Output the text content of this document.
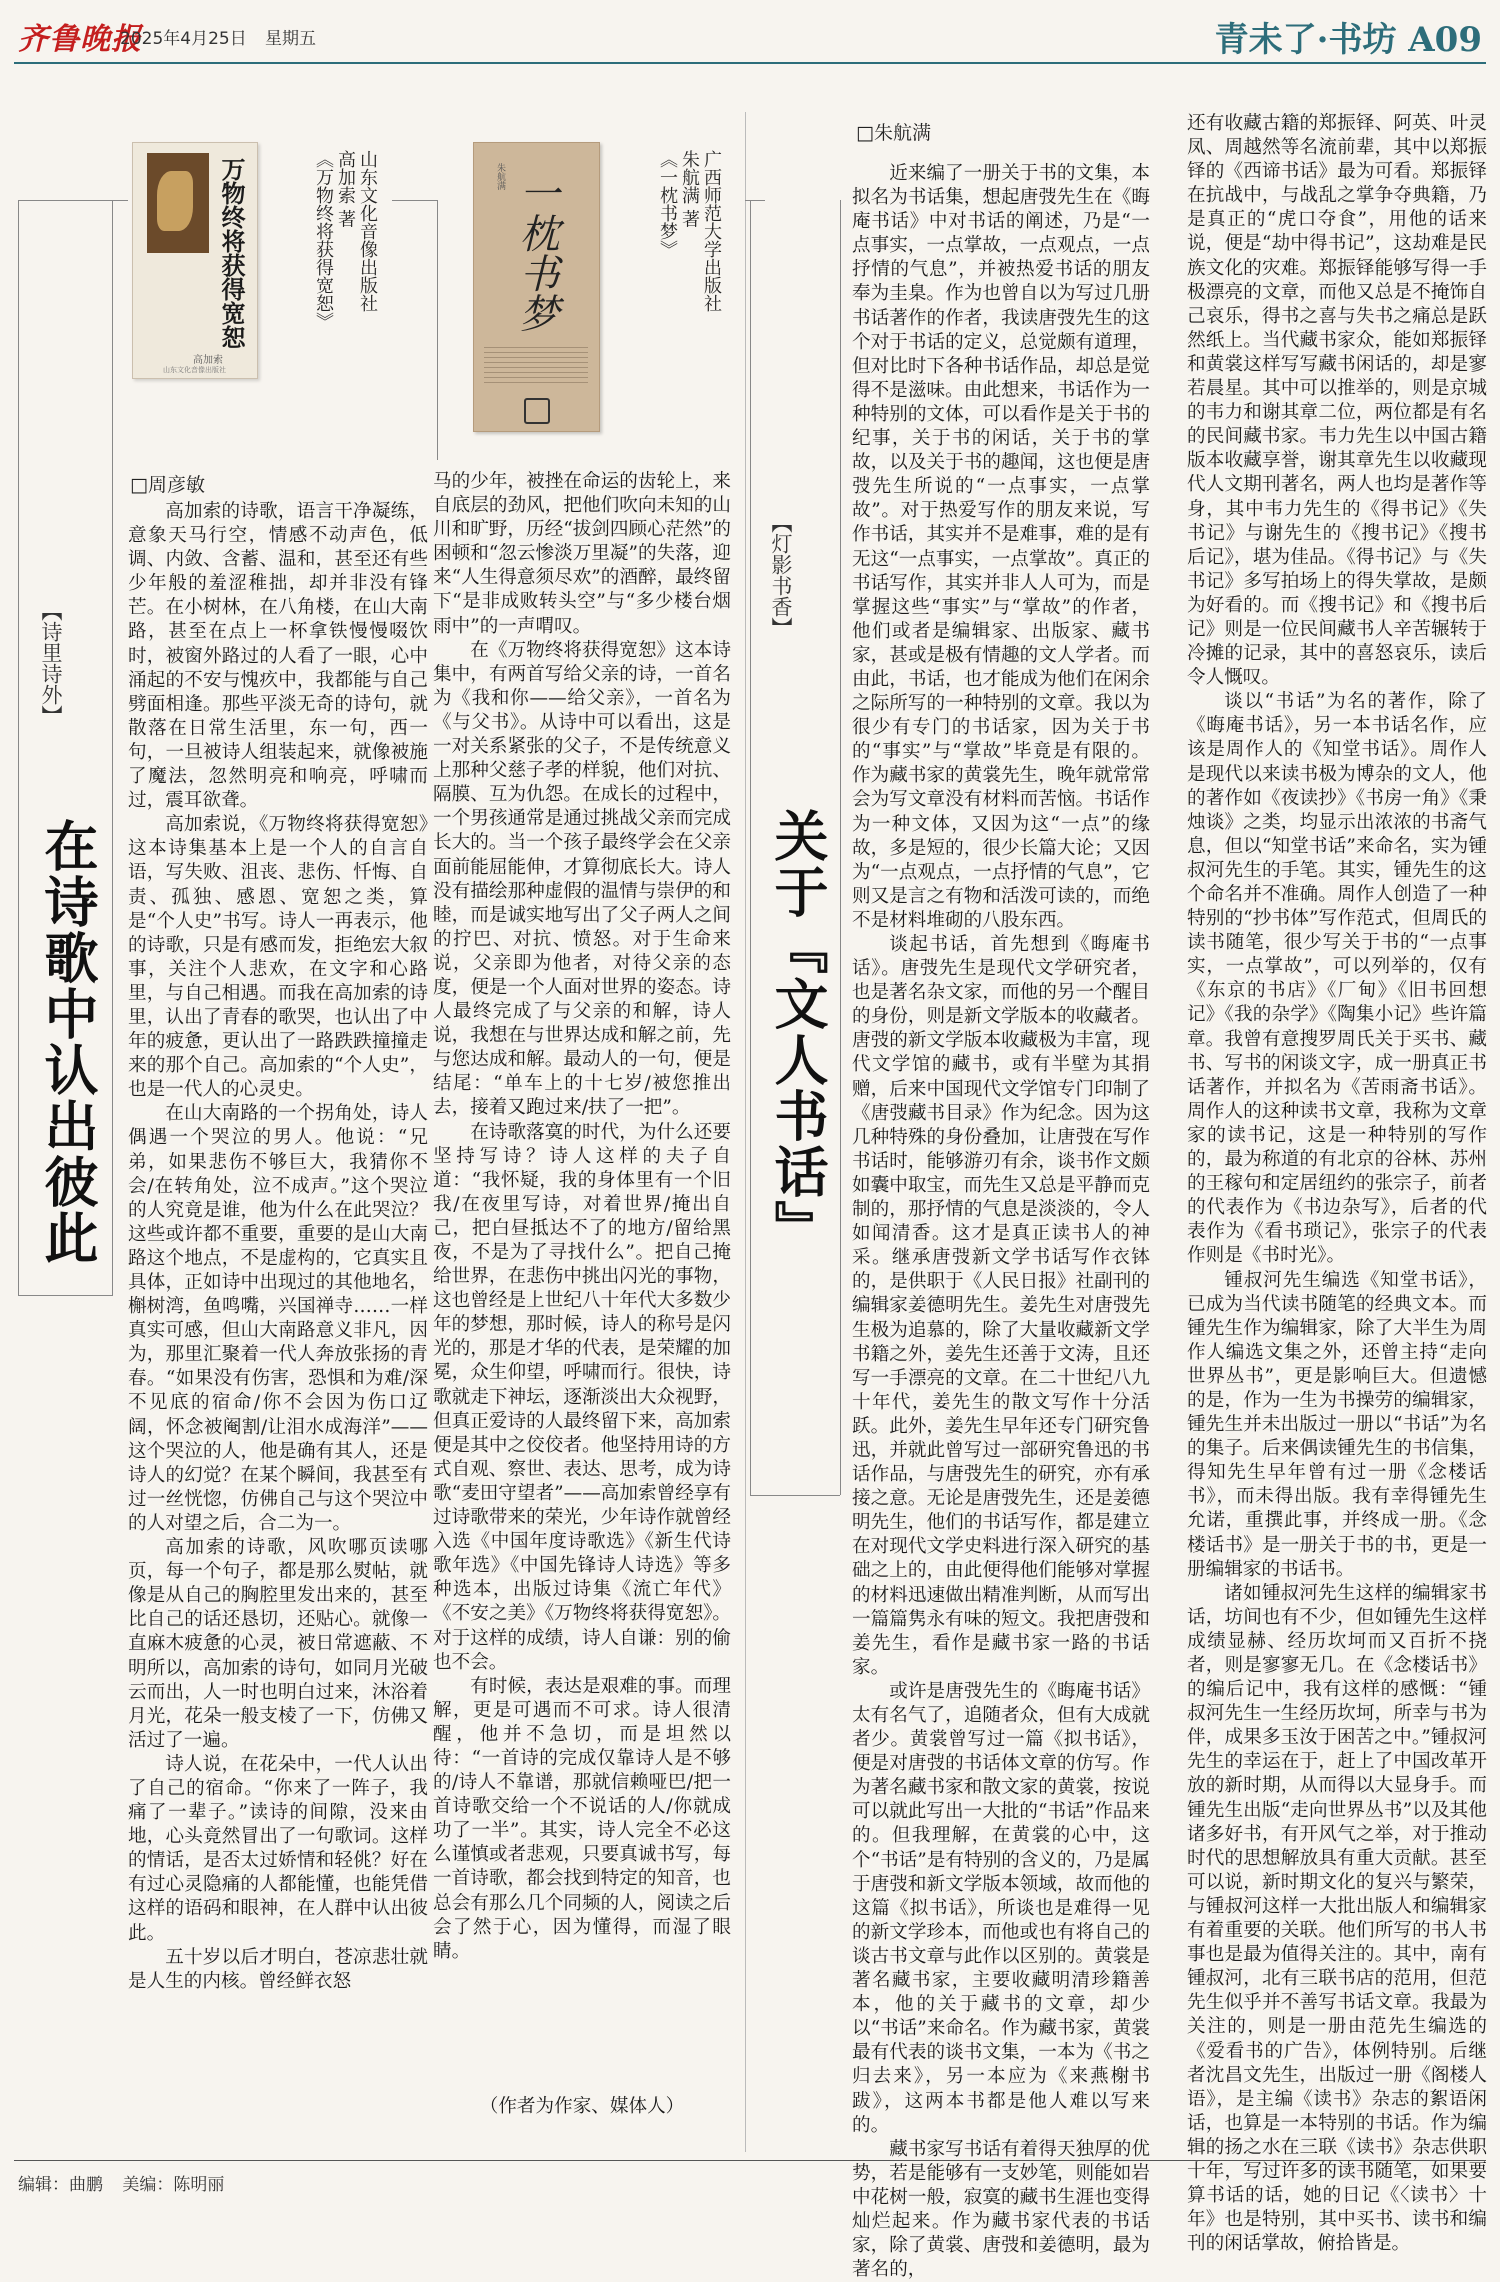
齐鲁晚报
2025年4月25日 星期五	青未了·书坊 A09
万物终将获得宽恕
高加索
山东文化音像出版社
《万物终将获得宽恕》 高加索 著 山东文化音像出版社
【诗里诗外】
在诗歌中认出彼此
□周彦敏

高加索的诗歌，语言干净凝练，意象天马行空，情感不动声色，低调、内敛、含蓄、温和，甚至还有些少年般的羞涩稚拙，却并非没有锋芒。在小树林，在八角楼，在山大南路，甚至在点上一杯拿铁慢慢啜饮时，被窗外路过的人看了一眼，心中涌起的不安与愧疚中，我都能与自己劈面相逢。那些平淡无奇的诗句，就散落在日常生活里，东一句，西一句，一旦被诗人组装起来，就像被施了魔法，忽然明亮和响亮，呼啸而过，震耳欲聋。

高加索说，《万物终将获得宽恕》这本诗集基本上是一个人的自言自语，写失败、沮丧、悲伤、忏悔、自责、孤独、感恩、宽恕之类，算是“个人史”书写。诗人一再表示，他的诗歌，只是有感而发，拒绝宏大叙事，关注个人悲欢，在文字和心路里，与自己相遇。而我在高加索的诗里，认出了青春的歌哭，也认出了中年的疲惫，更认出了一路跌跌撞撞走来的那个自己。高加索的“个人史”，也是一代人的心灵史。

在山大南路的一个拐角处，诗人偶遇一个哭泣的男人。他说：“兄弟，如果悲伤不够巨大，我猜你不会/在转角处，泣不成声。”这个哭泣的人究竟是谁，他为什么在此哭泣？这些或许都不重要，重要的是山大南路这个地点，不是虚构的，它真实且具体，正如诗中出现过的其他地名，槲树湾，鱼鸣嘴，兴国禅寺……一样真实可感，但山大南路意义非凡，因为，那里汇聚着一代人奔放张扬的青春。“如果没有伤害，恐惧和为难/深不见底的宿命/你不会因为伤口辽阔，怀念被阉割/让泪水成海洋”——这个哭泣的人，他是确有其人，还是诗人的幻觉？在某个瞬间，我甚至有过一丝恍惚，仿佛自己与这个哭泣中的人对望之后，合二为一。

高加索的诗歌，风吹哪页读哪页，每一个句子，都是那么熨帖，就像是从自己的胸腔里发出来的，甚至比自己的话还恳切，还贴心。就像一直麻木疲惫的心灵，被日常遮蔽、不明所以，高加索的诗句，如同月光破云而出，人一时也明白过来，沐浴着月光，花朵一般支棱了一下，仿佛又活过了一遍。

诗人说，在花朵中，一代人认出了自己的宿命。“你来了一阵子，我痛了一辈子。”读诗的间隙，没来由地，心头竟然冒出了一句歌词。这样的情话，是否太过娇情和轻佻？好在有过心灵隐痛的人都能懂，也能凭借这样的语码和眼神，在人群中认出彼此。

五十岁以后才明白，苍凉悲壮就是人生的内核。曾经鲜衣怒

马的少年，被挫在命运的齿轮上，来自底层的劲风，把他们吹向未知的山川和旷野，历经“拔剑四顾心茫然”的困顿和“忽云惨淡万里凝”的失落，迎来“人生得意须尽欢”的酒醉，最终留下“是非成败转头空”与“多少楼台烟雨中”的一声喟叹。

在《万物终将获得宽恕》这本诗集中，有两首写给父亲的诗，一首名为《我和你——给父亲》，一首名为《与父书》。从诗中可以看出，这是一对关系紧张的父子，不是传统意义上那种父慈子孝的样貌，他们对抗、隔膜、互为仇怨。在成长的过程中，一个男孩通常是通过挑战父亲而完成长大的。当一个孩子最终学会在父亲面前能屈能伸，才算彻底长大。诗人没有描绘那种虚假的温情与崇伊的和睦，而是诚实地写出了父子两人之间的拧巴、对抗、愤怒。对于生命来说，父亲即为他者，对待父亲的态度，便是一个人面对世界的姿态。诗人最终完成了与父亲的和解，诗人说，我想在与世界达成和解之前，先与您达成和解。最动人的一句，便是结尾：“单车上的十七岁/被您推出去，接着又跑过来/扶了一把”。

在诗歌落寞的时代，为什么还要坚持写诗？诗人这样的夫子自道：“我怀疑，我的身体里有一个旧我/在夜里写诗，对着世界/掩出自己，把白昼抵达不了的地方/留给黑夜，不是为了寻找什么”。把自己掩给世界，在悲伤中挑出闪光的事物，这也曾经是上世纪八十年代大多数少年的梦想，那时候，诗人的称号是闪光的，那是才华的代表，是荣耀的加冕，众生仰望，呼啸而行。很快，诗歌就走下神坛，逐渐淡出大众视野，但真正爱诗的人最终留下来，高加索便是其中之佼佼者。他坚持用诗的方式自观、察世、表达、思考，成为诗歌“麦田守望者”——高加索曾经享有过诗歌带来的荣光，少年诗作就曾经入选《中国年度诗歌选》《新生代诗歌年选》《中国先锋诗人诗选》等多种选本，出版过诗集《流亡年代》《不安之美》《万物终将获得宽恕》。对于这样的成绩，诗人自谦：别的偷也不会。

有时候，表达是艰难的事。而理解，更是可遇而不可求。诗人很清醒，他并不急切，而是坦然以待：“一首诗的完成仅靠诗人是不够的/诗人不靠谱，那就信赖哑巴/把一首诗歌交给一个不说话的人/你就成功了一半”。其实，诗人完全不必这么谨慎或者悲观，只要真诚书写，每一首诗歌，都会找到特定的知音，也总会有那么几个同频的人，阅读之后会了然于心，因为懂得，而湿了眼睛。

（作者为作家、媒体人）
一枕书梦
朱航满	《一枕书梦》 朱航满 著 广西师范大学出版社
【灯影书香】
关于『文人书话』
□朱航满

近来编了一册关于书的文集，本拟名为书话集，想起唐弢先生在《晦庵书话》中对书话的阐述，乃是“一点事实，一点掌故，一点观点，一点抒情的气息”，并被热爱书话的朋友奉为圭臬。作为也曾自以为写过几册书话著作的作者，我读唐弢先生的这个对于书话的定义，总觉颇有道理，但对比时下各种书话作品，却总是觉得不是滋味。由此想来，书话作为一种特别的文体，可以看作是关于书的纪事，关于书的闲话，关于书的掌故，以及关于书的趣闻，这也便是唐弢先生所说的“一点事实，一点掌故”。对于热爱写作的朋友来说，写作书话，其实并不是难事，难的是有无这“一点事实，一点掌故”。真正的书话写作，其实并非人人可为，而是掌握这些“事实”与“掌故”的作者，他们或者是编辑家、出版家、藏书家，甚或是极有情趣的文人学者。而由此，书话，也才能成为他们在闲余之际所写的一种特别的文章。我以为很少有专门的书话家，因为关于书的“事实”与“掌故”毕竟是有限的。作为藏书家的黄裳先生，晚年就常常会为写文章没有材料而苦恼。书话作为一种文体，又因为这“一点”的缘故，多是短的，很少长篇大论；又因为“一点观点，一点抒情的气息”，它则又是言之有物和活泼可读的，而绝不是材料堆砌的八股东西。

谈起书话，首先想到《晦庵书话》。唐弢先生是现代文学研究者，也是著名杂文家，而他的另一个醒目的身份，则是新文学版本的收藏者。唐弢的新文学版本收藏极为丰富，现代文学馆的藏书，或有半壁为其捐赠，后来中国现代文学馆专门印制了《唐弢藏书目录》作为纪念。因为这几种特殊的身份叠加，让唐弢在写作书话时，能够游刃有余，谈书作文颇如囊中取宝，而先生又总是平静而克制的，那抒情的气息是淡淡的，令人如闻清香。这才是真正读书人的神采。继承唐弢新文学书话写作衣钵的，是供职于《人民日报》社副刊的编辑家姜德明先生。姜先生对唐弢先生极为追慕的，除了大量收藏新文学书籍之外，姜先生还善于文涛，且还写一手漂亮的文章。在二十世纪八九十年代，姜先生的散文写作十分活跃。此外，姜先生早年还专门研究鲁迅，并就此曾写过一部研究鲁迅的书话作品，与唐弢先生的研究，亦有承接之意。无论是唐弢先生，还是姜德明先生，他们的书话写作，都是建立在对现代文学史料进行深入研究的基础之上的，由此便得他们能够对掌握的材料迅速做出精准判断，从而写出一篇篇隽永有味的短文。我把唐弢和姜先生，看作是藏书家一路的书话家。

或许是唐弢先生的《晦庵书话》太有名气了，追随者众，但有大成就者少。黄裳曾写过一篇《拟书话》，便是对唐弢的书话体文章的仿写。作为著名藏书家和散文家的黄裳，按说可以就此写出一大批的“书话”作品来的。但我理解，在黄裳的心中，这个“书话”是有特别的含义的，乃是属于唐弢和新文学版本领域，故而他的这篇《拟书话》，所谈也是难得一见的新文学珍本，而他或也有将自己的谈古书文章与此作以区别的。黄裳是著名藏书家，主要收藏明清珍籍善本，他的关于藏书的文章，却少以“书话”来命名。作为藏书家，黄裳最有代表的谈书文集，一本为《书之归去来》，另一本应为《来燕榭书跋》，这两本书都是他人难以写来的。

藏书家写书话有着得天独厚的优势，若是能够有一支妙笔，则能如岩中花树一般，寂寞的藏书生涯也变得灿烂起来。作为藏书家代表的书话家，除了黄裳、唐弢和姜德明，最为著名的，

还有收藏古籍的郑振铎、阿英、叶灵凤、周越然等名流前辈，其中以郑振铎的《西谛书话》最为可看。郑振铎在抗战中，与战乱之掌争夺典籍，乃是真正的“虎口夺食”，用他的话来说，便是“劫中得书记”，这劫难是民族文化的灾难。郑振铎能够写得一手极漂亮的文章，而他又总是不掩饰自己哀乐，得书之喜与失书之痛总是跃然纸上。当代藏书家众，能如郑振铎和黄裳这样写写藏书闲话的，却是寥若晨星。其中可以推举的，则是京城的韦力和谢其章二位，两位都是有名的民间藏书家。韦力先生以中国古籍版本收藏享誉，谢其章先生以收藏现代人文期刊著名，两人也均是著作等身，其中韦力先生的《得书记》《失书记》与谢先生的《搜书记》《搜书后记》，堪为佳品。《得书记》与《失书记》多写拍场上的得失掌故，是颇为好看的。而《搜书记》和《搜书后记》则是一位民间藏书人辛苦辗转于冷摊的记录，其中的喜怒哀乐，读后令人慨叹。

谈以“书话”为名的著作，除了《晦庵书话》，另一本书话名作，应该是周作人的《知堂书话》。周作人是现代以来读书极为博杂的文人，他的著作如《夜读抄》《书房一角》《秉烛谈》之类，均显示出浓浓的书斋气息，但以“知堂书话”来命名，实为锺叔河先生的手笔。其实，锺先生的这个命名并不准确。周作人创造了一种特别的“抄书体”写作范式，但周氏的读书随笔，很少写关于书的“一点事实，一点掌故”，可以列举的，仅有《东京的书店》《厂甸》《旧书回想记》《我的杂学》《陶集小记》些许篇章。我曾有意搜罗周氏关于买书、藏书、写书的闲谈文字，成一册真正书话著作，并拟名为《苦雨斋书话》。周作人的这种读书文章，我称为文章家的读书记，这是一种特别的写作的，最为称道的有北京的谷林、苏州的王稼句和定居纽约的张宗子，前者的代表作为《书边杂写》，后者的代表作为《看书琐记》，张宗子的代表作则是《书时光》。

锺叔河先生编选《知堂书话》，已成为当代读书随笔的经典文本。而锺先生作为编辑家，除了大半生为周作人编选文集之外，还曾主持“走向世界丛书”，更是影响巨大。但遗憾的是，作为一生为书操劳的编辑家，锺先生并未出版过一册以“书话”为名的集子。后来偶读锺先生的书信集，得知先生早年曾有过一册《念楼话书》，而未得出版。我有幸得锺先生允诺，重撰此事，并终成一册。《念楼话书》是一册关于书的书，更是一册编辑家的书话书。

诸如锺叔河先生这样的编辑家书话，坊间也有不少，但如锺先生这样成绩显赫、经历坎坷而又百折不挠者，则是寥寥无几。在《念楼话书》的编后记中，我有这样的感慨：“锺叔河先生一生经历坎坷，所幸与书为伴，成果多玉汝于困苦之中。”锺叔河先生的幸运在于，赶上了中国改革开放的新时期，从而得以大显身手。而锺先生出版“走向世界丛书”以及其他诸多好书，有开风气之举，对于推动时代的思想解放具有重大贡献。甚至可以说，新时期文化的复兴与繁荣，与锺叔河这样一大批出版人和编辑家有着重要的关联。他们所写的书人书事也是最为值得关注的。其中，南有锺叔河，北有三联书店的范用，但范先生似乎并不善写书话文章。我最为关注的，则是一册由范先生编选的《爱看书的广告》，体例特别。后继者沈昌文先生，出版过一册《阁楼人语》，是主编《读书》杂志的絮语闲话，也算是一本特别的书话。作为编辑的扬之水在三联《读书》杂志供职十年，写过许多的读书随笔，如果要算书话的话，她的日记《〈读书〉十年》也是特别，其中买书、读书和编刊的闲话掌故，俯拾皆是。

编辑：曲鹏 美编：陈明丽
